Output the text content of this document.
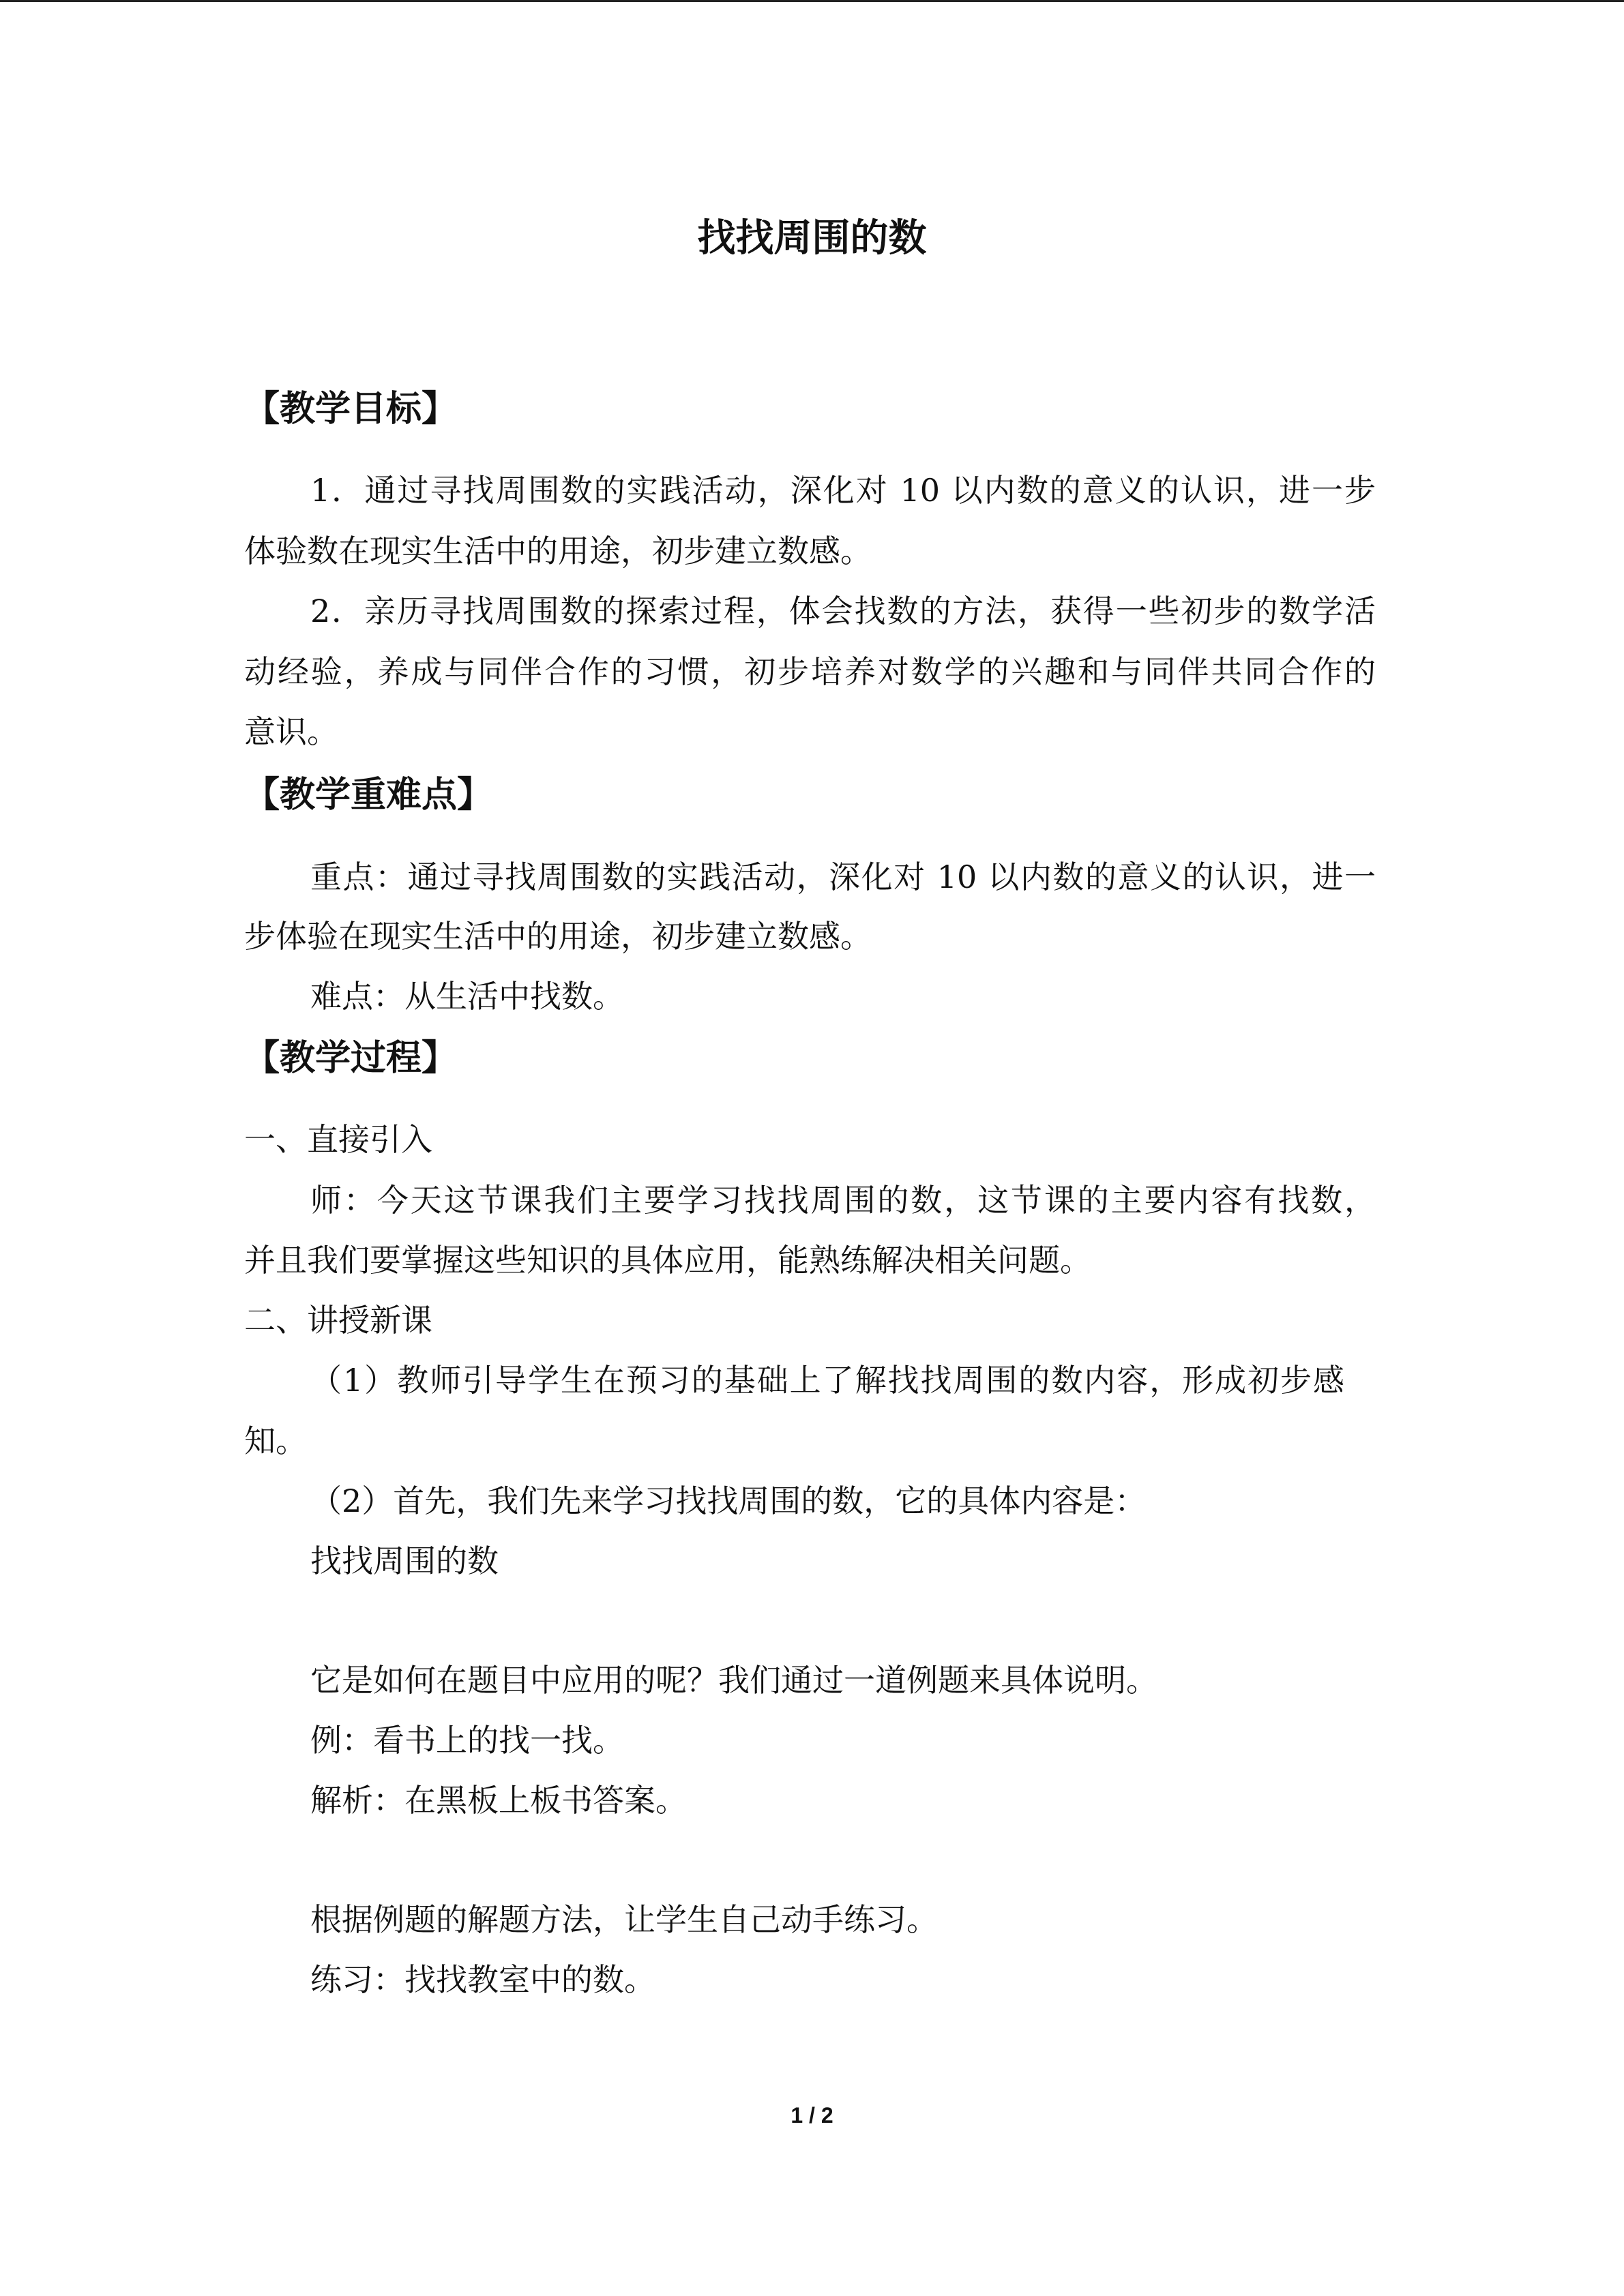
找找周围的数
【教学目标】
1．通过寻找周围数的实践活动，深化对 10 以内数的意义的认识，进一步
体验数在现实生活中的用途，初步建立数感。
2．亲历寻找周围数的探索过程，体会找数的方法，获得一些初步的数学活
动经验，养成与同伴合作的习惯，初步培养对数学的兴趣和与同伴共同合作的
意识。
【教学重难点】
重点：通过寻找周围数的实践活动，深化对 10 以内数的意义的认识，进一
步体验在现实生活中的用途，初步建立数感。
难点：从生活中找数。
【教学过程】
一、直接引入
师：今天这节课我们主要学习找找周围的数，这节课的主要内容有找数，
并且我们要掌握这些知识的具体应用，能熟练解决相关问题。
二、讲授新课
（1）教师引导学生在预习的基础上了解找找周围的数内容，形成初步感
知。
（2）首先，我们先来学习找找周围的数，它的具体内容是：
找找周围的数
它是如何在题目中应用的呢？我们通过一道例题来具体说明。
例：看书上的找一找。
解析：在黑板上板书答案。
根据例题的解题方法，让学生自己动手练习。
练习：找找教室中的数。
1 / 2
